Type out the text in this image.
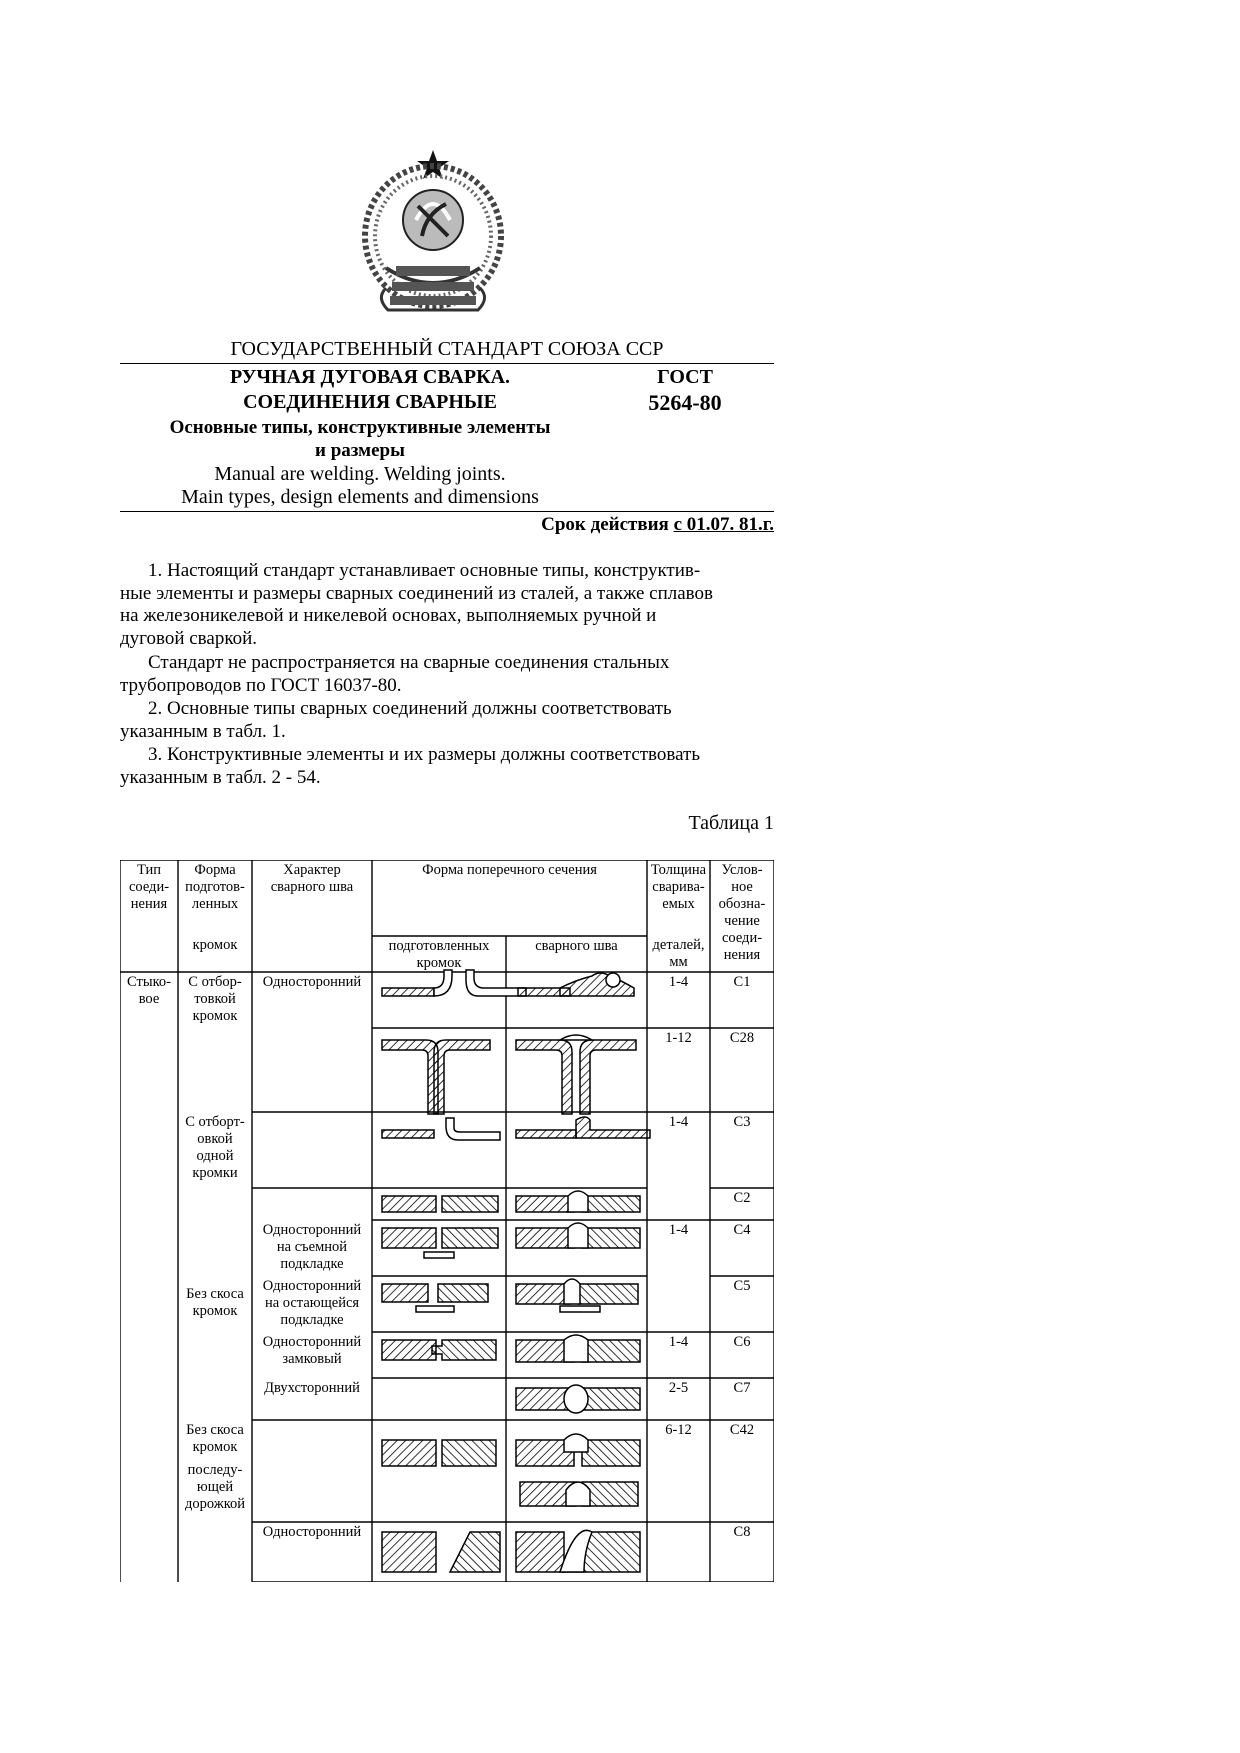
ГОСУДАРСТВЕННЫЙ СТАНДАРТ СОЮЗА ССР
РУЧНАЯ ДУГОВАЯ СВАРКА.	ГОСТ
СОЕДИНЕНИЯ СВАРНЫЕ	5264-80
Основные типы, конструктивные элементы
и размеры
Manual are welding. Welding joints.
Main types, design elements and dimensions
Срок действия с 01.07. 81.г.
1. Настоящий стандарт устанавливает основные типы, конструктив-
ные элементы и размеры сварных соединений из сталей, а также сплавов
на железоникелевой и никелевой основах, выполняемых ручной и
дуговой сваркой.
Стандарт не распространяется на сварные соединения стальных
трубопроводов по ГОСТ 16037-80.
2. Основные типы сварных соединений должны соответствовать
указанным в табл. 1.
3. Конструктивные элементы и их размеры должны соответствовать
указанным в табл. 2 - 54.
Таблица 1
Тип
соеди-
нения
Форма
подготов-
ленных
кромок
Характер
сварного шва
Форма поперечного сечения
подготовленных
кромок
сварного шва
Толщина
сварива-
емых
деталей,
мм
Услов-
ное
обозна-
чение
соеди-
нения
Стыко-
вое
С отбор-
товкой
кромок
С отборт-
овкой
одной
кромки
Без скоса
кромок
Без скоса
кромок
последу-
ющей
дорожкой
Односторонний
Односторонний
на съемной
подкладке
Односторонний
на остающейся
подкладке
Односторонний
замковый
Двухсторонний
Односторонний
1-4
1-12
1-4
1-4
1-4
2-5
6-12
С1
С28
С3
С2
С4
С5
С6
С7
С42
С8
